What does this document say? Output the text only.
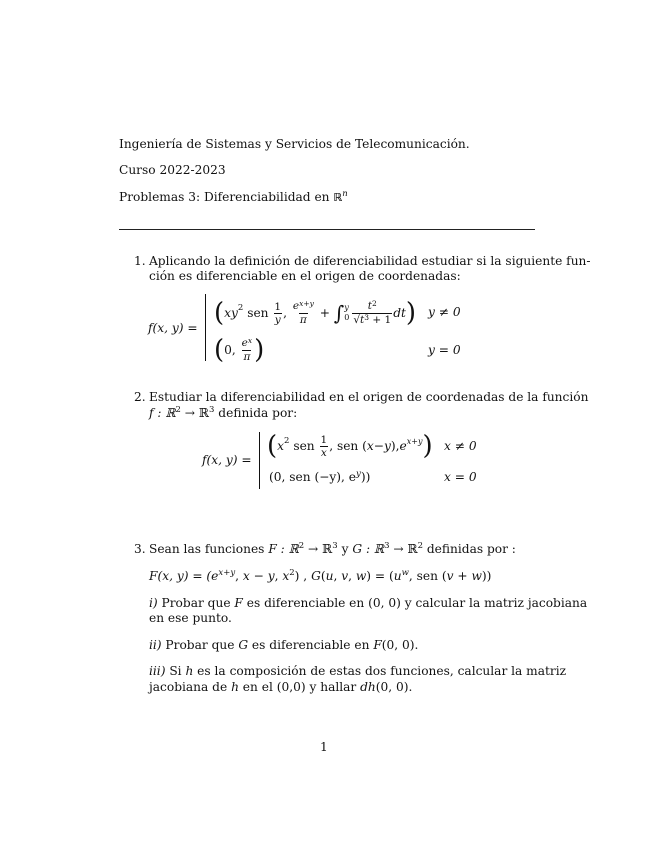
Ingeniería de Sistemas y Servicios de Telecomunicación.
Curso 2022-2023
Problemas 3: Diferenciabilidad en ℝ$^n$
1. Aplicando la definición de diferenciabilidad estudiar si la siguiente fun-
ción es diferenciable en el origen de coordenadas:
f(x, y) = ( xy 2 sen $\frac{1}{y}$ , $\frac{e^{x+y}}{\pi}$ + ∫ y
$0 \frac{t^2}{√t^3 + 1}$ dt ) y ≠ 0
( 0, $\frac{e^x}{\pi}$ )	y = 0
2. Estudiar la diferenciabilidad en el origen de coordenadas de la función
f : ℝ$^2$ → ℝ$^3$ definida por:
f(x, y) = ( x 2 sen $\frac{1}{x}$ , sen ( x − y ), e x+y ) x ≠ 0
(0, sen (−y), $e^y$))	x = 0
3. Sean las funciones F : ℝ$^2$ → ℝ$^3$ y G : ℝ$^3$ → ℝ$^2$ definidas por :
F(x, $y) = (e^{x+y}$, x − y, $x^2$) , G(u, v, $w) = (u^w$, sen (v + w))
i) Probar que F es diferenciable en (0, 0) y calcular la matriz jacobiana
en ese punto.
ii) Probar que G es diferenciable en F(0, 0).
iii) Si h es la composición de estas dos funciones, calcular la matriz
jacobiana de h en el (0,0) y hallar dh(0, 0).
1
